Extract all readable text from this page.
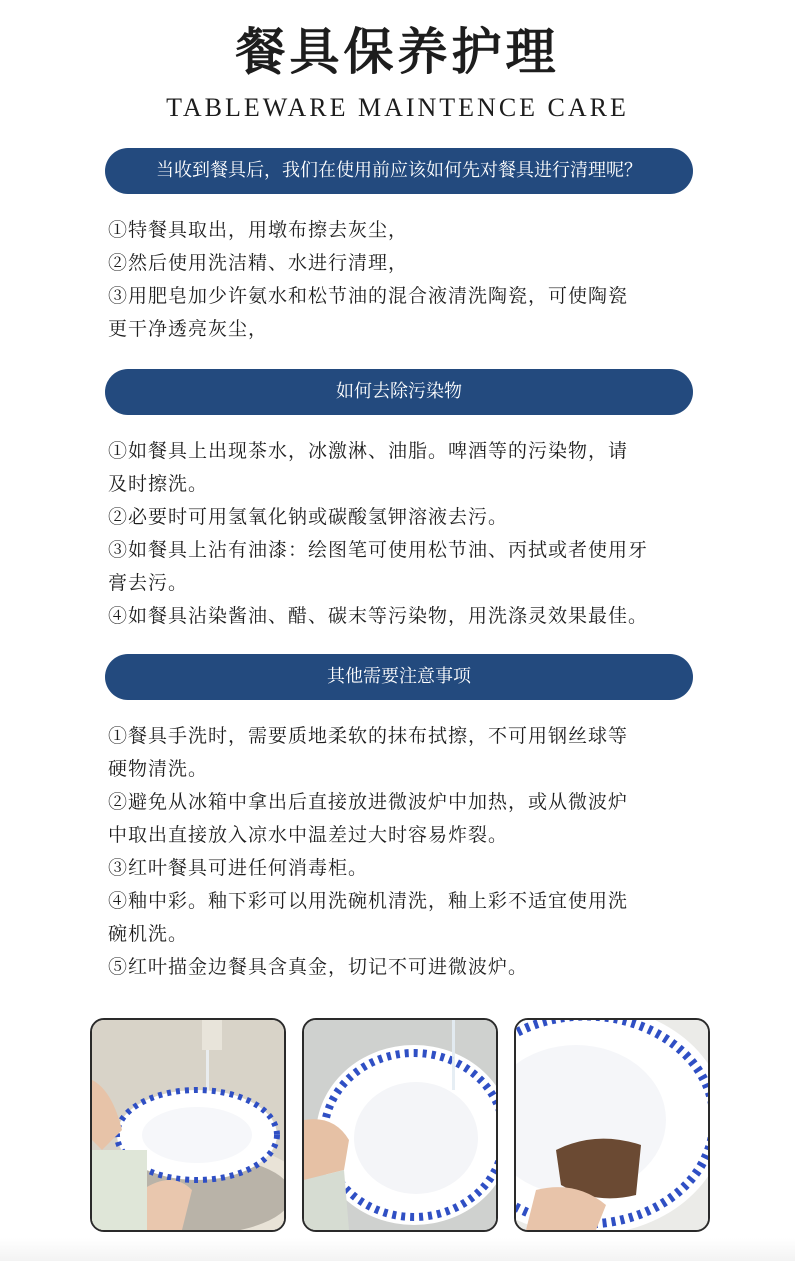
餐具保养护理
TABLEWARE MAINTENCE CARE
当收到餐具后，我们在使用前应该如何先对餐具进行清理呢？

①特餐具取出，用墩布擦去灰尘，

②然后使用洗洁精、水进行清理，

③用肥皂加少许氨水和松节油的混合液清洗陶瓷，可使陶瓷

更干净透亮灰尘，

如何去除污染物

①如餐具上出现茶水，冰激淋、油脂。啤酒等的污染物，请

及时擦洗。

②必要时可用氢氧化钠或碳酸氢钾溶液去污。

③如餐具上沾有油漆：绘图笔可使用松节油、丙拭或者使用牙

膏去污。

④如餐具沾染酱油、醋、碳末等污染物，用洗涤灵效果最佳。

其他需要注意事项

①餐具手洗时，需要质地柔软的抹布拭擦，不可用钢丝球等

硬物清洗。

②避免从冰箱中拿出后直接放进微波炉中加热，或从微波炉

中取出直接放入凉水中温差过大时容易炸裂。

③红叶餐具可进任何消毒柜。

④釉中彩。釉下彩可以用洗碗机清洗，釉上彩不适宜使用洗

碗机洗。

⑤红叶描金边餐具含真金，切记不可进微波炉。
